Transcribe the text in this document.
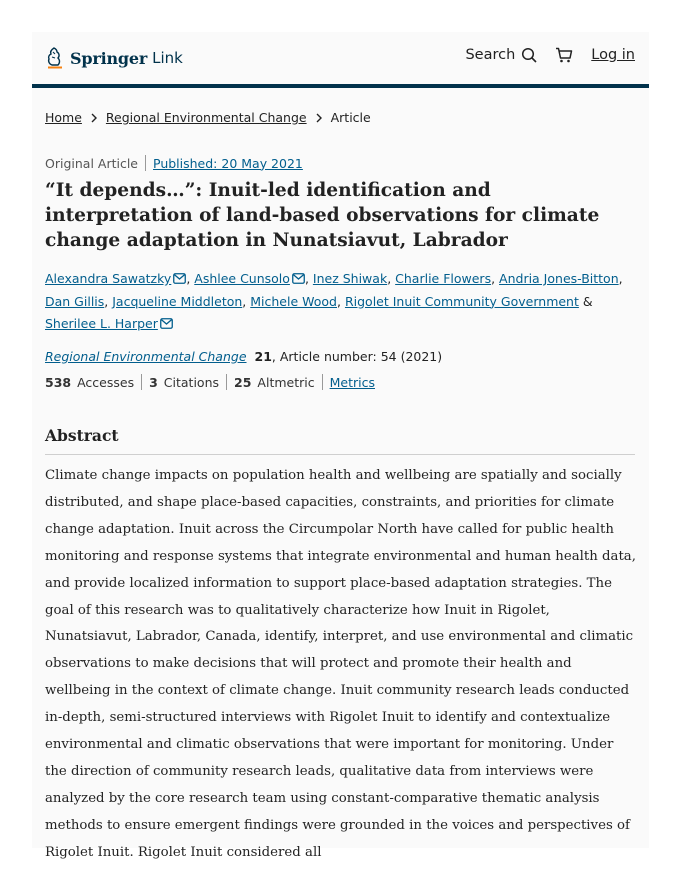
Springer Link	Search	Log in
Home Regional Environmental Change Article
Original Article Published: 20 May 2021
“It depends…”: Inuit-led identification and interpretation of land-based observations for climate change adaptation in Nunatsiavut, Labrador
Alexandra Sawatzky , Ashlee Cunsolo , Inez Shiwak, Charlie Flowers, Andria Jones-Bitton, Dan Gillis, Jacqueline Middleton, Michele Wood, Rigolet Inuit Community Government & Sherilee L. Harper
Regional Environmental Change 21 , Article number: 54 (2021)
538 Accesses 3 Citations 25 Altmetric Metrics
Abstract

Climate change impacts on population health and wellbeing are spatially and socially distributed, and shape place-based capacities, constraints, and priorities for climate change adaptation. Inuit across the Circumpolar North have called for public health monitoring and response systems that integrate environmental and human health data, and provide localized information to support place-based adaptation strategies. The goal of this research was to qualitatively characterize how Inuit in Rigolet, Nunatsiavut, Labrador, Canada, identify, interpret, and use environmental and climatic observations to make decisions that will protect and promote their health and wellbeing in the context of climate change. Inuit community research leads conducted in-depth, semi-structured interviews with Rigolet Inuit to identify and contextualize environmental and climatic observations that were important for monitoring. Under the direction of community research leads, qualitative data from interviews were analyzed by the core research team using constant-comparative thematic analysis methods to ensure emergent findings were grounded in the voices and perspectives of Rigolet Inuit. Rigolet Inuit considered all
